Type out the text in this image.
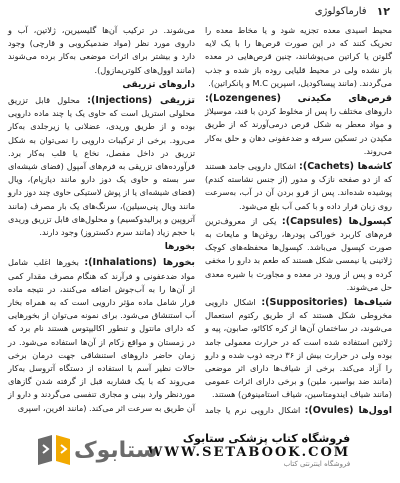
۱۲
فارماکولوژی

محیط اسیدی معده تجزیه شود و یا مخاط معده را تحریک کنند که در این صورت قرص‌ها را با یک لایه گلوتن یا کراتین می‌پوشانند، چنین قرص‌هایی در معده باز نشده ولی در محیط قلیایی روده باز شده و جذب می‌گردند. (مانند پیساکودیل، اسپرین M.C و پانکراتین).

قرص‌های مکیدنی (Lozengenes): داروهای مختلف را پس از مخلوط کردن با قند، موسیلاژ و مواد معطر به شکل قرص درمی‌آورند که از طریق مکیدن در تسکین سرفه و ضدعفونی دهان و حلق به‌کار می‌روند.

کاشه‌ها (Cachets): اشکال دارویی جامد هستند که از دو صفحه نازک و مدور (از جنس نشاسته کندم) پوشیده شده‌اند. پس از فرو بردن آن در آب، به‌سرعت روی زبان قرار داده و با کمی آب بلع می‌شود.

کپسول‌ها (Capsules): یکی از معروف‌ترین فرم‌های کاربرد خوراکی پودرها، روغن‌ها و مایعات به صورت کپسول می‌باشد. کپسول‌ها محفظه‌های کوچک ژلاتینی یا نیمسی شکل هستند که طعم بد دارو را مخفی کرده و پس از ورود در معده و مجاورت با شیره معدی حل می‌شوند.

شیاف‌ها (Suppositories): اشکال دارویی مخروطی شکل هستند که از طریق رکتوم استعمال می‌شوند، در ساختمان آن‌ها از کره کاکائو، صابون، پیه و ژلاتین استفاده شده است که در حرارت معمولی جامد بوده ولی در حرارت بیش از ۳۶ درجه ذوب شده و دارو را آزاد می‌کند. برخی از شیاف‌ها دارای اثر موضعی (مانند ضد بواسیر، ملین) و برخی دارای اثرات عمومی (مانند شیاف ایندومتاسین، شیاف استامینوفن) هستند.

اوول‌ها (Ovules): اشکال دارویی نرم یا جامد

می‌شوند. در ترکیب آن‌ها گلیسیرین، ژلاتین، آب و داروی مورد نظر (مواد ضدمیکروبی و قارچی) وجود دارد و بیشتر برای اثرات موضعی به‌کار برده می‌شوند (مانند اوول‌های کلوتریمازول).

داروهای تزریقی

تزریقی (Injections): محلول قابل تزریق محلولی استریل است که حاوی یک یا چند ماده دارویی بوده و از طریق وریدی، عضلانی یا زیرجلدی به‌کار می‌رود. برخی از ترکیبات دارویی را نمی‌توان به شکل تزریق در داخل مفصل، نخاع یا قلب به‌کار برد. فرآورده‌های تزریقی به فرم‌های آمپول (فضای شیشه‌ای سر بسته و حاوی یک دوز دارو مانند دیازپام)، ویال (فضای شیشه‌ای یا از پوش لاستیکی حاوی چند دوز دارو مانند ویال پنی‌سیلین)، سرنگ‌های یک بار مصرف (مانند آتروپین و پرالیدوکسیم) و محلول‌های قابل تزریق وریدی با حجم زیاد (مانند سرم دکستروز) وجود دارند.

بخورها

بخورها (Inhalations): بخورها اغلب شامل مواد ضدعفونی و فرآرند که هنگام مصرف مقدار کمی از آن‌ها را به آب‌جوش اضافه می‌کنند، در نتیجه ماده فرار شامل ماده مؤثر دارویی است که به همراه بخار آب استنشاق می‌شود. برای نمونه می‌توان از بخورهایی که دارای مانتول و تنطور اکالیپتوس هستند نام برد که در زمستان و مواقع زکام از آن‌ها استفاده می‌شود. در زمان حاضر داروهای استنشاقی جهت درمان برخی حالات نظیر آسم با استفاده از دستگاه آتروسل به‌کار می‌روند که با یک فشاربه قبل از گرفته شدن گازهای موردنظر وارد بینی و مجاری تنفسی می‌گردند و دارو از آن طریق به سرعت اثر می‌کند. (مانند افرین، اسپری

ستابوک فروشگاه کتاب پزشکی ستابوک
WWW.SETABOOK.COM
فروشگاه اینترنتی کتاب
